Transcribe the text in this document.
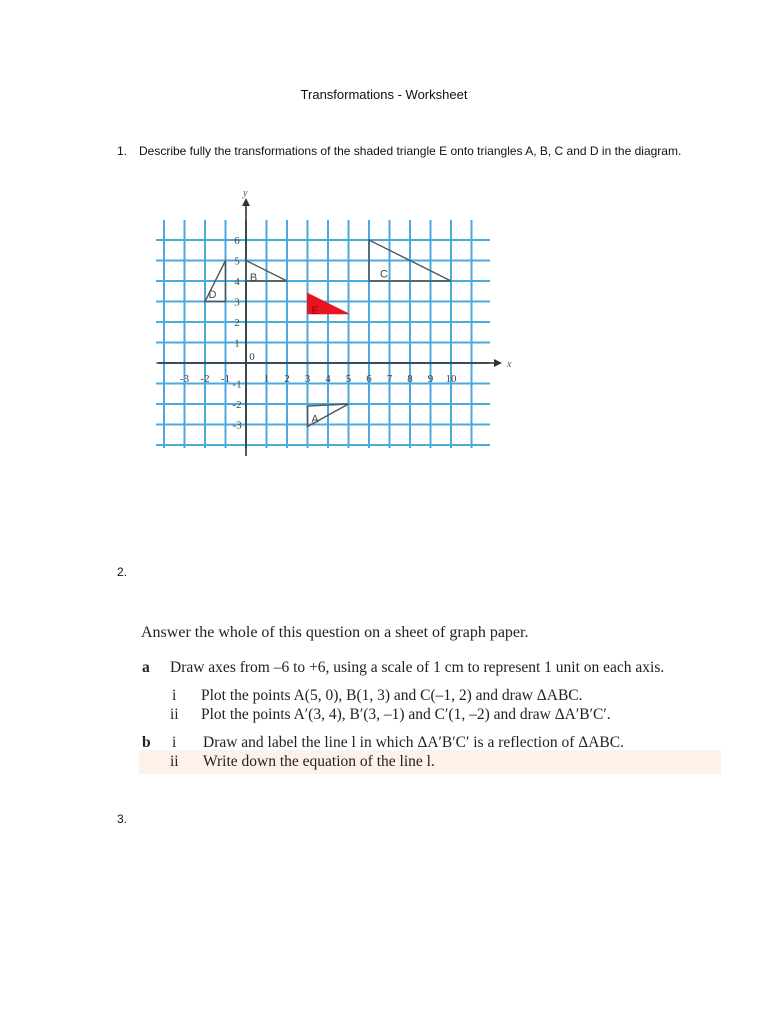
Transformations - Worksheet
1. Describe fully the transformations of the shaded triangle E onto triangles A, B, C and D in the diagram.
x
y
-3 -2 -1	1 2 3 4 5 6 7 8 9 10
-3
-2
-1
1
2
3
4
5
6
0
E
A
B	C
D
2.
Answer the whole of this question on a sheet of graph paper.
a Draw axes from –6 to +6, using a scale of 1 cm to represent 1 unit on each axis.
i Plot the points A(5, 0), B(1, 3) and C(–1, 2) and draw ΔABC.
ii Plot the points A′(3, 4), B′(3, –1) and C′(1, –2) and draw ΔA′B′C′.
b i Draw and label the line l in which ΔA′B′C′ is a reflection of ΔABC.
ii Write down the equation of the line l.
3.
